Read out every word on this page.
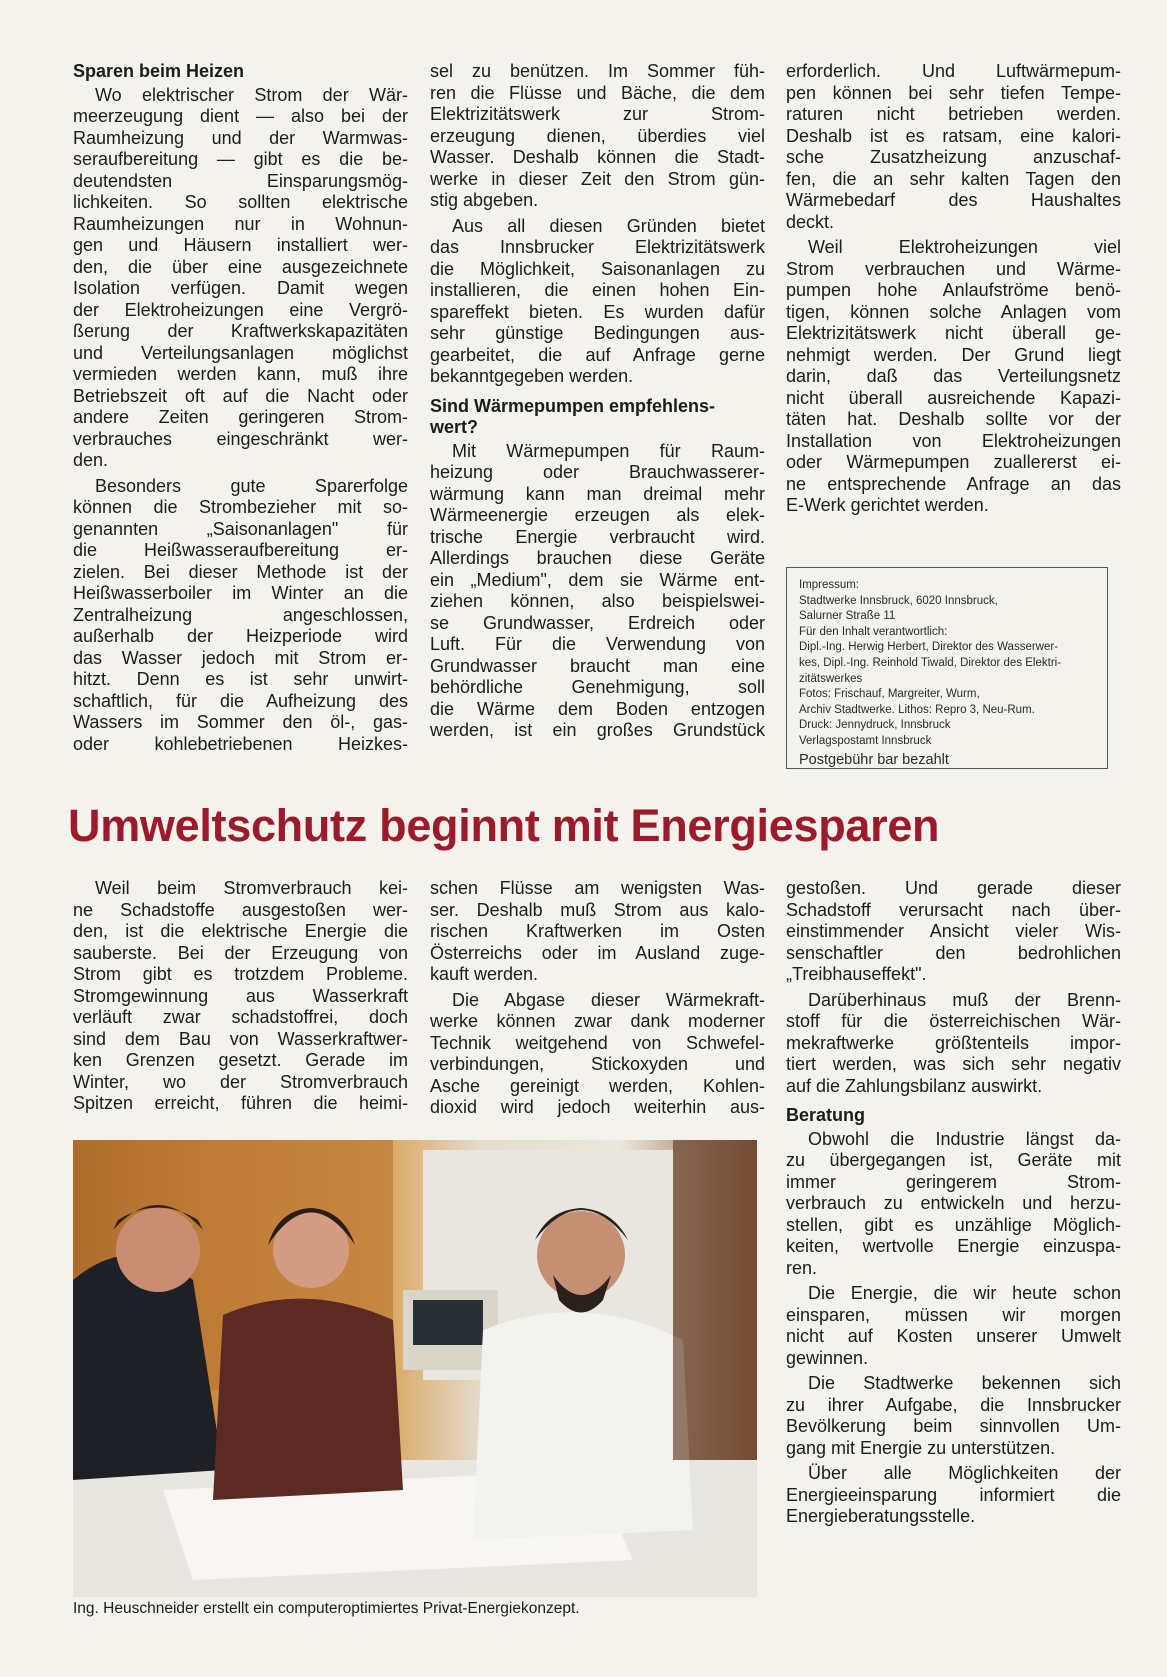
Sparen beim Heizen
Wo elektrischer Strom der Wär-
meerzeugung dient — also bei der
Raumheizung und der Warmwas-
seraufbereitung — gibt es die be-
deutendsten Einsparungsmög-
lichkeiten. So sollten elektrische
Raumheizungen nur in Wohnun-
gen und Häusern installiert wer-
den, die über eine ausgezeichnete
Isolation verfügen. Damit wegen
der Elektroheizungen eine Vergrö-
ßerung der Kraftwerkskapazitäten
und Verteilungsanlagen möglichst
vermieden werden kann, muß ihre
Betriebszeit oft auf die Nacht oder
andere Zeiten geringeren Strom-
verbrauches eingeschränkt wer-
den.
Besonders gute Sparerfolge
können die Strombezieher mit so-
genannten „Saisonanlagen" für
die Heißwasseraufbereitung er-
zielen. Bei dieser Methode ist der
Heißwasserboiler im Winter an die
Zentralheizung angeschlossen,
außerhalb der Heizperiode wird
das Wasser jedoch mit Strom er-
hitzt. Denn es ist sehr unwirt-
schaftlich, für die Aufheizung des
Wassers im Sommer den öl-, gas-
oder kohlebetriebenen Heizkes-
sel zu benützen. Im Sommer füh-
ren die Flüsse und Bäche, die dem
Elektrizitätswerk zur Strom-
erzeugung dienen, überdies viel
Wasser. Deshalb können die Stadt-
werke in dieser Zeit den Strom gün-
stig abgeben.
Aus all diesen Gründen bietet
das Innsbrucker Elektrizitätswerk
die Möglichkeit, Saisonanlagen zu
installieren, die einen hohen Ein-
spareffekt bieten. Es wurden dafür
sehr günstige Bedingungen aus-
gearbeitet, die auf Anfrage gerne
bekanntgegeben werden.
Sind Wärmepumpen empfehlens-
wert?
Mit Wärmepumpen für Raum-
heizung oder Brauchwasserer-
wärmung kann man dreimal mehr
Wärmeenergie erzeugen als elek-
trische Energie verbraucht wird.
Allerdings brauchen diese Geräte
ein „Medium", dem sie Wärme ent-
ziehen können, also beispielswei-
se Grundwasser, Erdreich oder
Luft. Für die Verwendung von
Grundwasser braucht man eine
behördliche Genehmigung, soll
die Wärme dem Boden entzogen
werden, ist ein großes Grundstück
erforderlich. Und Luftwärmepum-
pen können bei sehr tiefen Tempe-
raturen nicht betrieben werden.
Deshalb ist es ratsam, eine kalori-
sche Zusatzheizung anzuschaf-
fen, die an sehr kalten Tagen den
Wärmebedarf des Haushaltes
deckt.
Weil Elektroheizungen viel
Strom verbrauchen und Wärme-
pumpen hohe Anlaufströme benö-
tigen, können solche Anlagen vom
Elektrizitätswerk nicht überall ge-
nehmigt werden. Der Grund liegt
darin, daß das Verteilungsnetz
nicht überall ausreichende Kapazi-
täten hat. Deshalb sollte vor der
Installation von Elektroheizungen
oder Wärmepumpen zuallererst ei-
ne entsprechende Anfrage an das
E-Werk gerichtet werden.
Impressum:
Stadtwerke Innsbruck, 6020 Innsbruck,
Salurner Straße 11
Für den Inhalt verantwortlich:
Dipl.-Ing. Herwig Herbert, Direktor des Wasserwer-
kes, Dipl.-Ing. Reinhold Tiwald, Direktor des Elektri-
zitätswerkes
Fotos: Frischauf, Margreiter, Wurm,
Archiv Stadtwerke. Lithos: Repro 3, Neu-Rum.
Druck: Jennydruck, Innsbruck
Verlagspostamt Innsbruck
Postgebühr bar bezahlt
Umweltschutz beginnt mit Energiesparen
Weil beim Stromverbrauch kei-
ne Schadstoffe ausgestoßen wer-
den, ist die elektrische Energie die
sauberste. Bei der Erzeugung von
Strom gibt es trotzdem Probleme.
Stromgewinnung aus Wasserkraft
verläuft zwar schadstoffrei, doch
sind dem Bau von Wasserkraftwer-
ken Grenzen gesetzt. Gerade im
Winter, wo der Stromverbrauch
Spitzen erreicht, führen die heimi-
schen Flüsse am wenigsten Was-
ser. Deshalb muß Strom aus kalo-
rischen Kraftwerken im Osten
Österreichs oder im Ausland zuge-
kauft werden.
Die Abgase dieser Wärmekraft-
werke können zwar dank moderner
Technik weitgehend von Schwefel-
verbindungen, Stickoxyden und
Asche gereinigt werden, Kohlen-
dioxid wird jedoch weiterhin aus-
gestoßen. Und gerade dieser
Schadstoff verursacht nach über-
einstimmender Ansicht vieler Wis-
senschaftler den bedrohlichen
„Treibhauseffekt".
Darüberhinaus muß der Brenn-
stoff für die österreichischen Wär-
mekraftwerke größtenteils impor-
tiert werden, was sich sehr negativ
auf die Zahlungsbilanz auswirkt.
Beratung
Obwohl die Industrie längst da-
zu übergegangen ist, Geräte mit
immer geringerem Strom-
verbrauch zu entwickeln und herzu-
stellen, gibt es unzählige Möglich-
keiten, wertvolle Energie einzuspa-
ren.
Die Energie, die wir heute schon
einsparen, müssen wir morgen
nicht auf Kosten unserer Umwelt
gewinnen.
Die Stadtwerke bekennen sich
zu ihrer Aufgabe, die Innsbrucker
Bevölkerung beim sinnvollen Um-
gang mit Energie zu unterstützen.
Über alle Möglichkeiten der
Energieeinsparung informiert die
Energieberatungsstelle.
Ing. Heuschneider erstellt ein computeroptimiertes Privat-Energiekonzept.
